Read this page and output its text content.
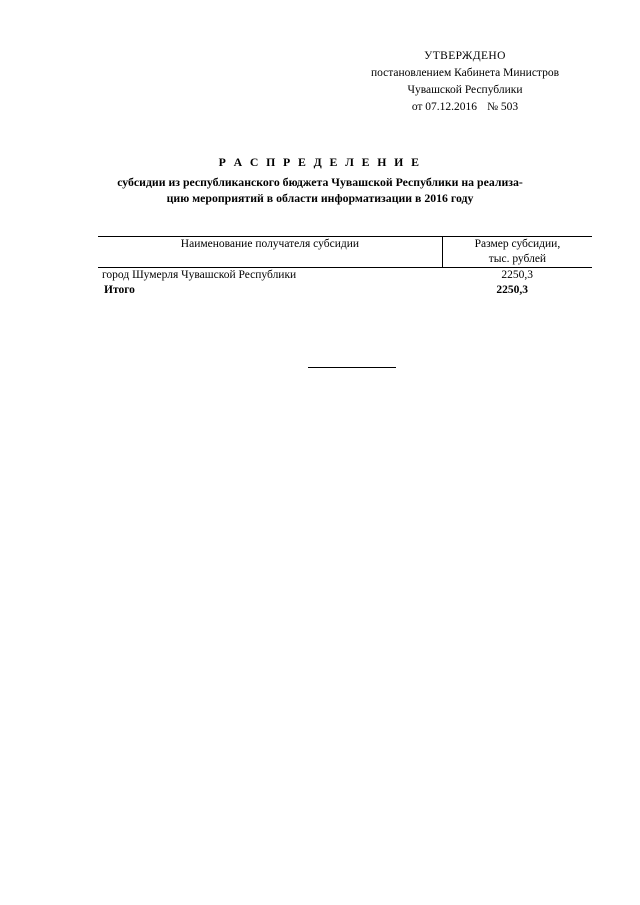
УТВЕРЖДЕНО
постановлением Кабинета Министров
Чувашской Республики
от 07.12.2016 № 503
Р А С П Р Е Д Е Л Е Н И Е
субсидии из республиканского бюджета Чувашской Республики на реализа-
цию мероприятий в области информатизации в 2016 году
Наименование получателя субсидии	Размер субсидии,
тыс. рублей

город Шумерля Чувашской Республики	2250,3
Итого	2250,3
